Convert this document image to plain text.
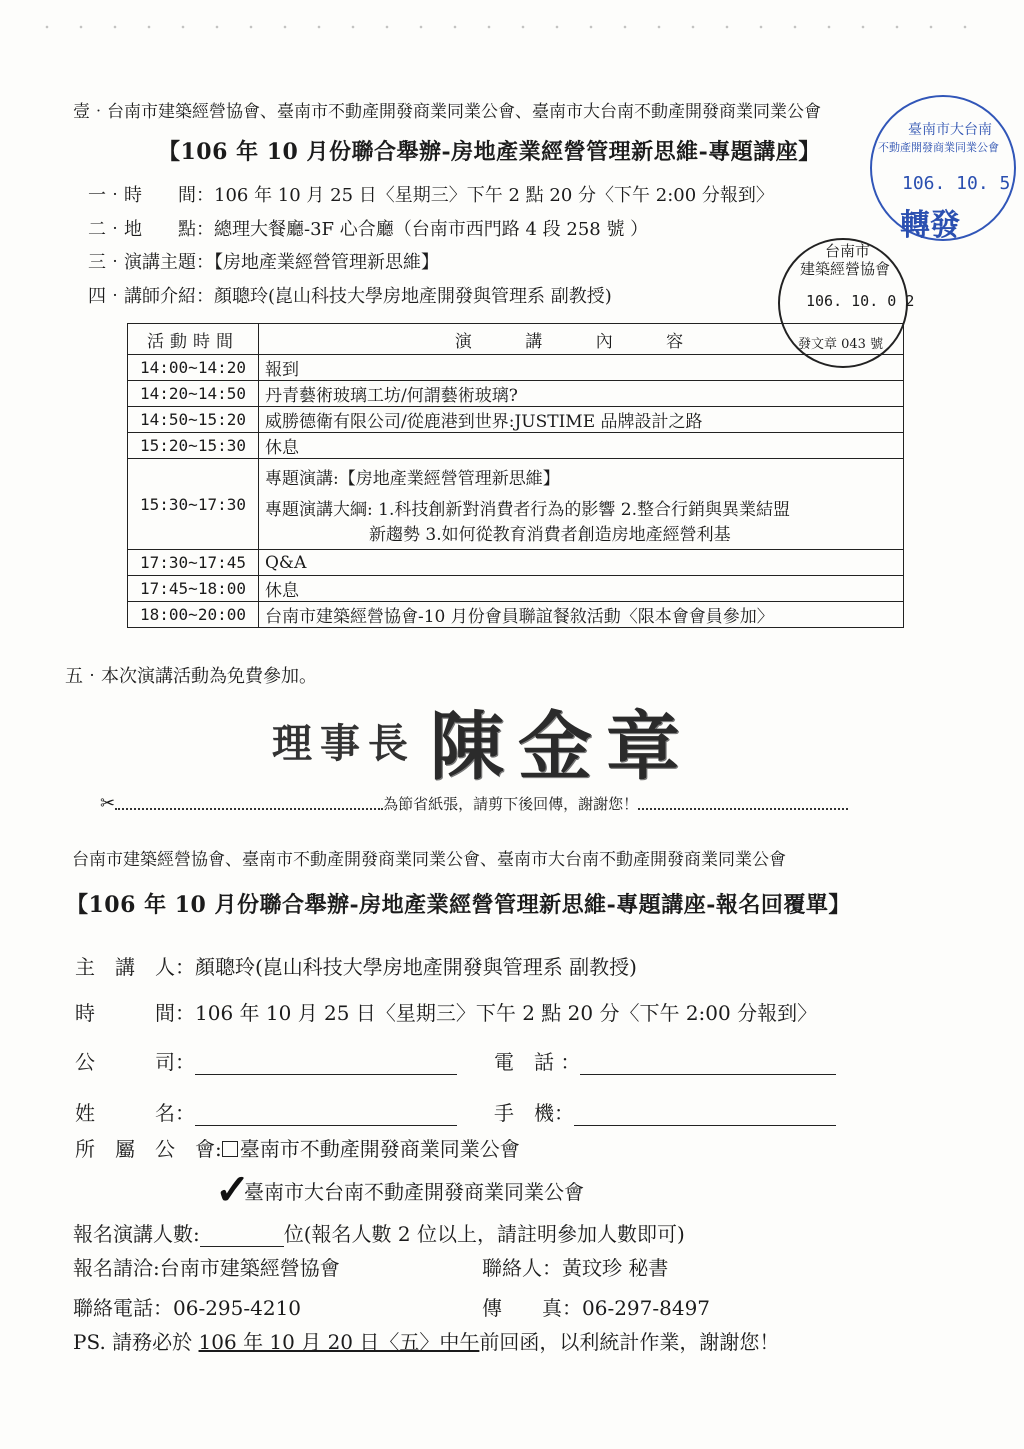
壹‧台南市建築經營協會、臺南市不動產開發商業同業公會、臺南市大台南不動產開發商業同業公會
【106 年 10 月份聯合舉辦-房地產業經營管理新思維-專題講座】
一‧時　　間：106 年 10 月 25 日〈星期三〉下午 2 點 20 分〈下午 2:00 分報到〉
二‧地　　點：總理大餐廳-3F 心合廳（台南市西門路 4 段 258 號 ）
三‧演講主題：【房地產業經營管理新思維】
四‧講師介紹：顏聰玲(崑山科技大學房地產開發與管理系 副教授)
臺南市大台南
不動產開發商業同業公會
106. 10. 5
轉發
台南市
建築經營協會
106. 10. 0 2
發文章 043 號
活動時間	演 講 內 容
14:00~14:20	報到

14:20~14:50	丹青藝術玻璃工坊/何謂藝術玻璃?

14:50~15:20	威勝德衛有限公司/從鹿港到世界:JUSTIME 品牌設計之路

15:20~15:30	休息

15:30~17:30	專題演講:【房地產業經營管理新思維】
專題演講大綱: 1.科技創新對消費者行為的影響 2.整合行銷與異業結盟
新趨勢 3.如何從教育消費者創造房地產經營利基

17:30~17:45	Q&A

17:45~18:00	休息

18:00~20:00	台南市建築經營協會-10 月份會員聯誼餐敘活動〈限本會會員參加〉
五‧本次演講活動為免費參加。
理事長 陳金章
✂	為節省紙張，請剪下後回傳，謝謝您！
台南市建築經營協會、臺南市不動產開發商業同業公會、臺南市大台南不動產開發商業同業公會
【106 年 10 月份聯合舉辦-房地產業經營管理新思維-專題講座-報名回覆單】
主　講　人：顏聰玲(崑山科技大學房地產開發與管理系 副教授)
時　　　間：106 年 10 月 25 日〈星期三〉下午 2 點 20 分〈下午 2:00 分報到〉
公　　　司：	電　話 ：
姓　　　名：	手　機：
所　屬　公　會: 臺南市不動產開發商業同業公會
✓
臺南市大台南不動產開發商業同業公會
報名演講人數:	位(報名人數 2 位以上，請註明參加人數即可)
報名請洽:台南市建築經營協會	聯絡人：黃玟珍 秘書
聯絡電話：06-295-4210	傳　　真：06-297-8497
PS. 請務必於 106 年 10 月 20 日〈五〉中午前回函，以利統計作業，謝謝您！
